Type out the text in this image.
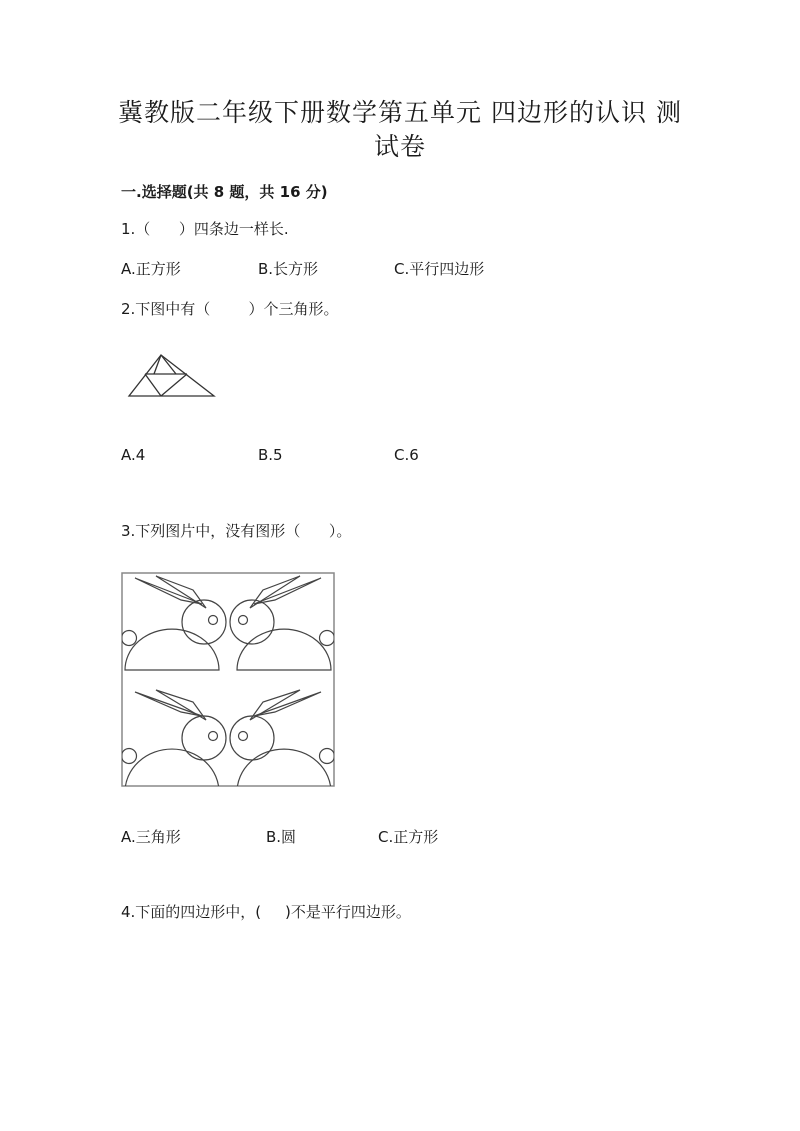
冀教版二年级下册数学第五单元 四边形的认识 测
试卷
一.选择题(共 8 题，共 16 分)
1.（      ）四条边一样长.
A.正方形	B.长方形	C.平行四边形
2.下图中有（        ）个三角形。
A.4	B.5	C.6
3.下列图片中，没有图形（      ）。
A.三角形	B.圆	C.正方形
4.下面的四边形中，(     )不是平行四边形。
